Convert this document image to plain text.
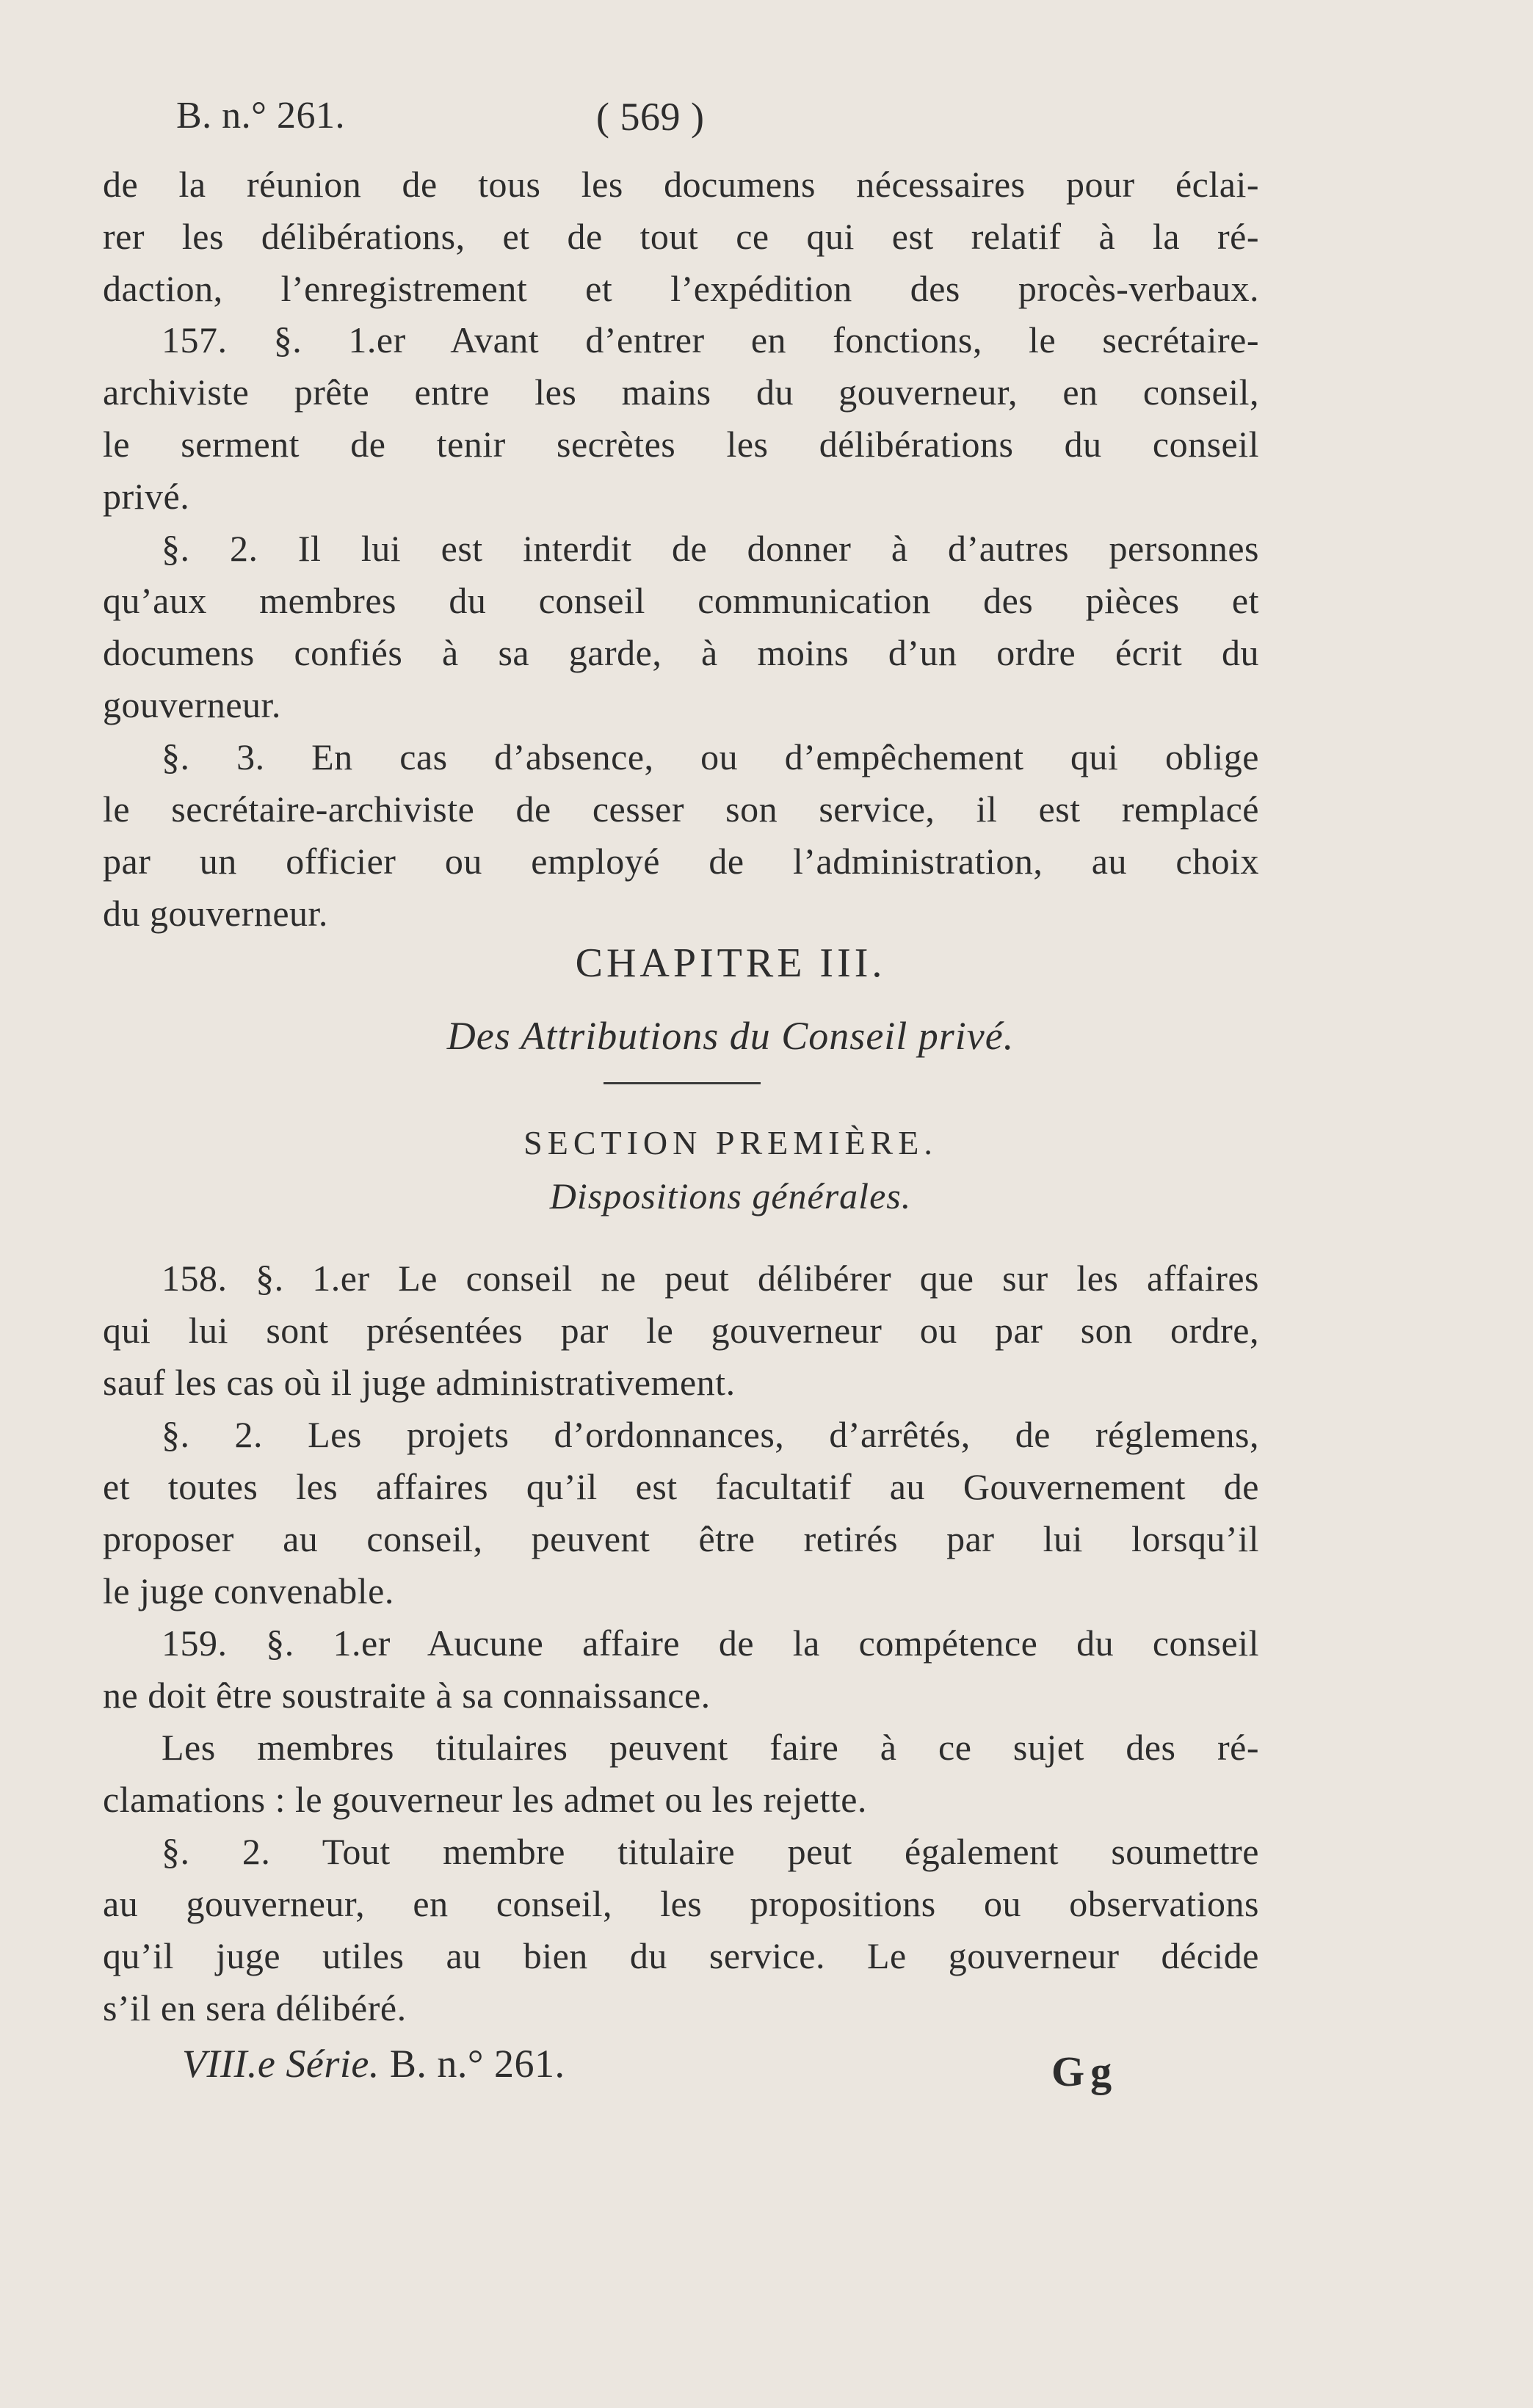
B. n.° 261.	( 569 )
de la réunion de tous les documens nécessaires pour éclai-
rer les délibérations, et de tout ce qui est relatif à la ré-
daction, l’enregistrement et l’expédition des procès-verbaux.
157. §. 1.er Avant d’entrer en fonctions, le secrétaire-
archiviste prête entre les mains du gouverneur, en conseil,
le serment de tenir secrètes les délibérations du conseil
privé.
§. 2. Il lui est interdit de donner à d’autres personnes
qu’aux membres du conseil communication des pièces et
documens confiés à sa garde, à moins d’un ordre écrit du
gouverneur.
§. 3. En cas d’absence, ou d’empêchement qui oblige
le secrétaire-archiviste de cesser son service, il est remplacé
par un officier ou employé de l’administration, au choix
du gouverneur.
CHAPITRE III.
Des Attributions du Conseil privé.
SECTION PREMIÈRE.
Dispositions générales.
158. §. 1.er Le conseil ne peut délibérer que sur les affaires
qui lui sont présentées par le gouverneur ou par son ordre,
sauf les cas où il juge administrativement.
§. 2. Les projets d’ordonnances, d’arrêtés, de réglemens,
et toutes les affaires qu’il est facultatif au Gouvernement de
proposer au conseil, peuvent être retirés par lui lorsqu’il
le juge convenable.
159. §. 1.er Aucune affaire de la compétence du conseil
ne doit être soustraite à sa connaissance.
Les membres titulaires peuvent faire à ce sujet des ré-
clamations : le gouverneur les admet ou les rejette.
§. 2. Tout membre titulaire peut également soumettre
au gouverneur, en conseil, les propositions ou observations
qu’il juge utiles au bien du service. Le gouverneur décide
s’il en sera délibéré.
VIII.e Série. B. n.° 261.	Gg
